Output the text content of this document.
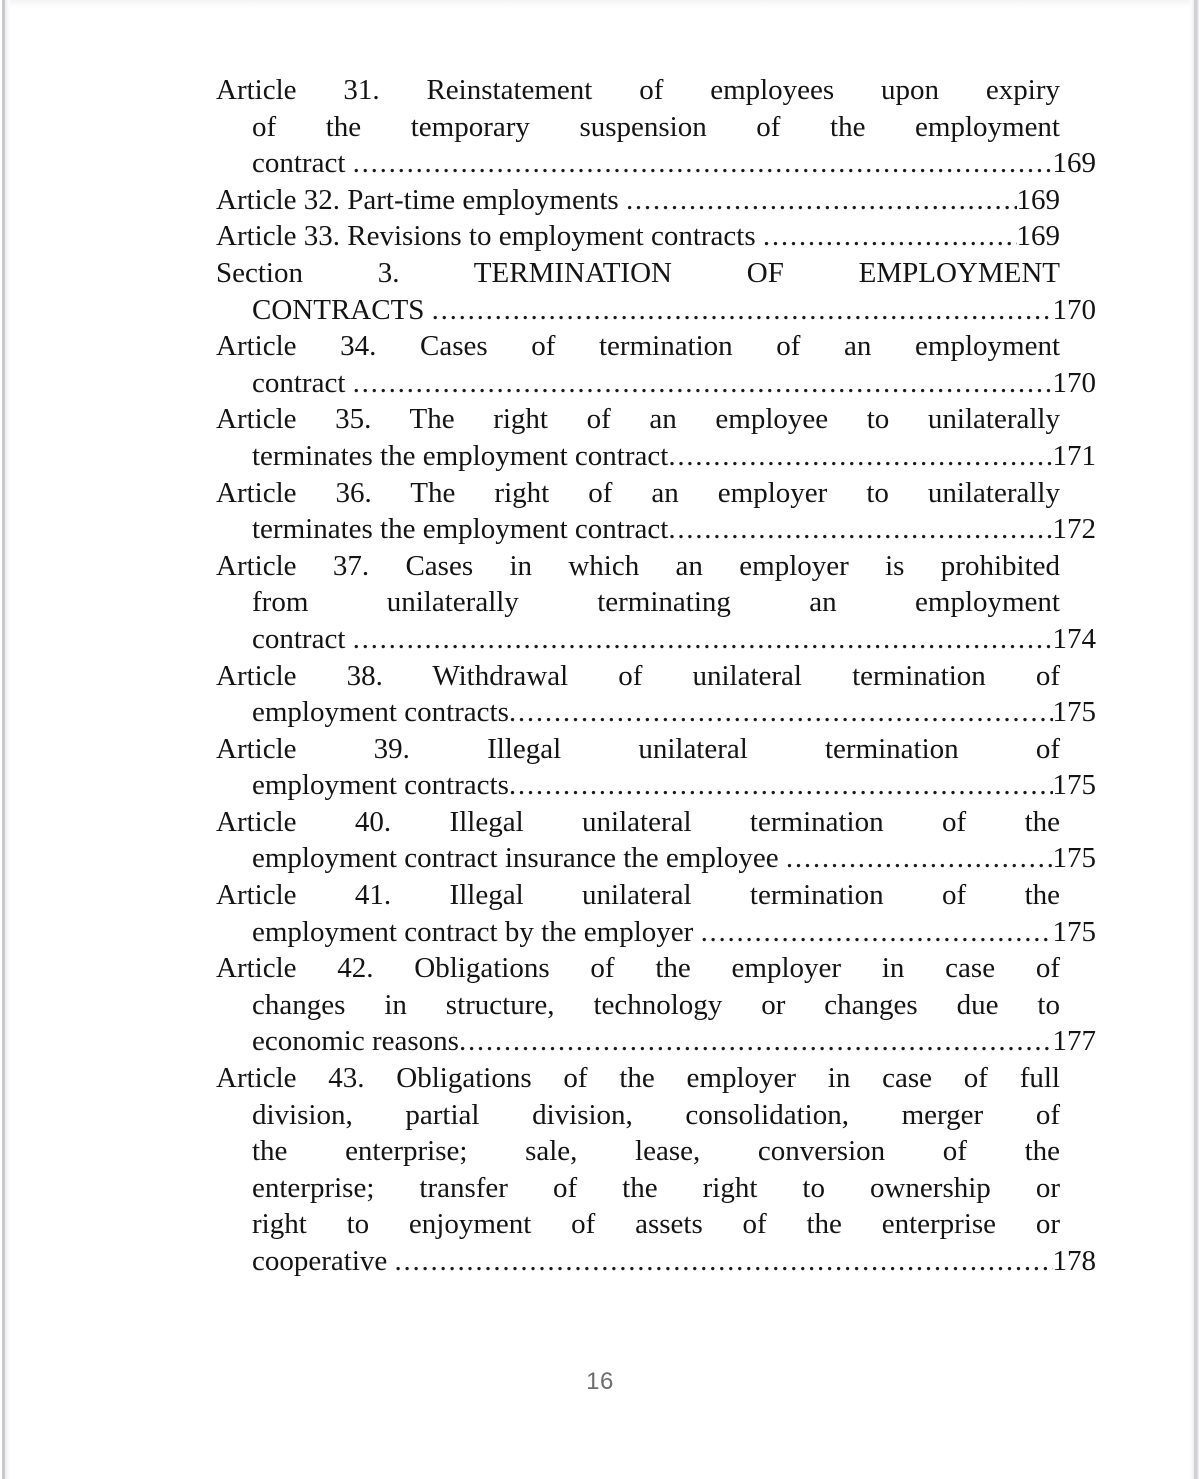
Article 31. Reinstatement of employees upon expiry
of the temporary suspension of the employment
contract .....	169
Article 32. Part-time employments .....	169
Article 33. Revisions to employment contracts .....	169
Section 3. TERMINATION OF EMPLOYMENT
CONTRACTS .....	170
Article 34. Cases of termination of an employment
contract .....	170
Article 35. The right of an employee to unilaterally
terminates the employment contract .....	171
Article 36. The right of an employer to unilaterally
terminates the employment contract .....	172
Article 37. Cases in which an employer is prohibited
from unilaterally terminating an employment
contract .....	174
Article 38. Withdrawal of unilateral termination of
employment contracts .....	175
Article 39. Illegal unilateral termination of
employment contracts .....	175
Article 40. Illegal unilateral termination of the
employment contract insurance the employee .....	175
Article 41. Illegal unilateral termination of the
employment contract by the employer .....	175
Article 42. Obligations of the employer in case of
changes in structure, technology or changes due to
economic reasons .....	177
Article 43. Obligations of the employer in case of full
division, partial division, consolidation, merger of
the enterprise; sale, lease, conversion of the
enterprise; transfer of the right to ownership or
right to enjoyment of assets of the enterprise or
cooperative .....	178
16
